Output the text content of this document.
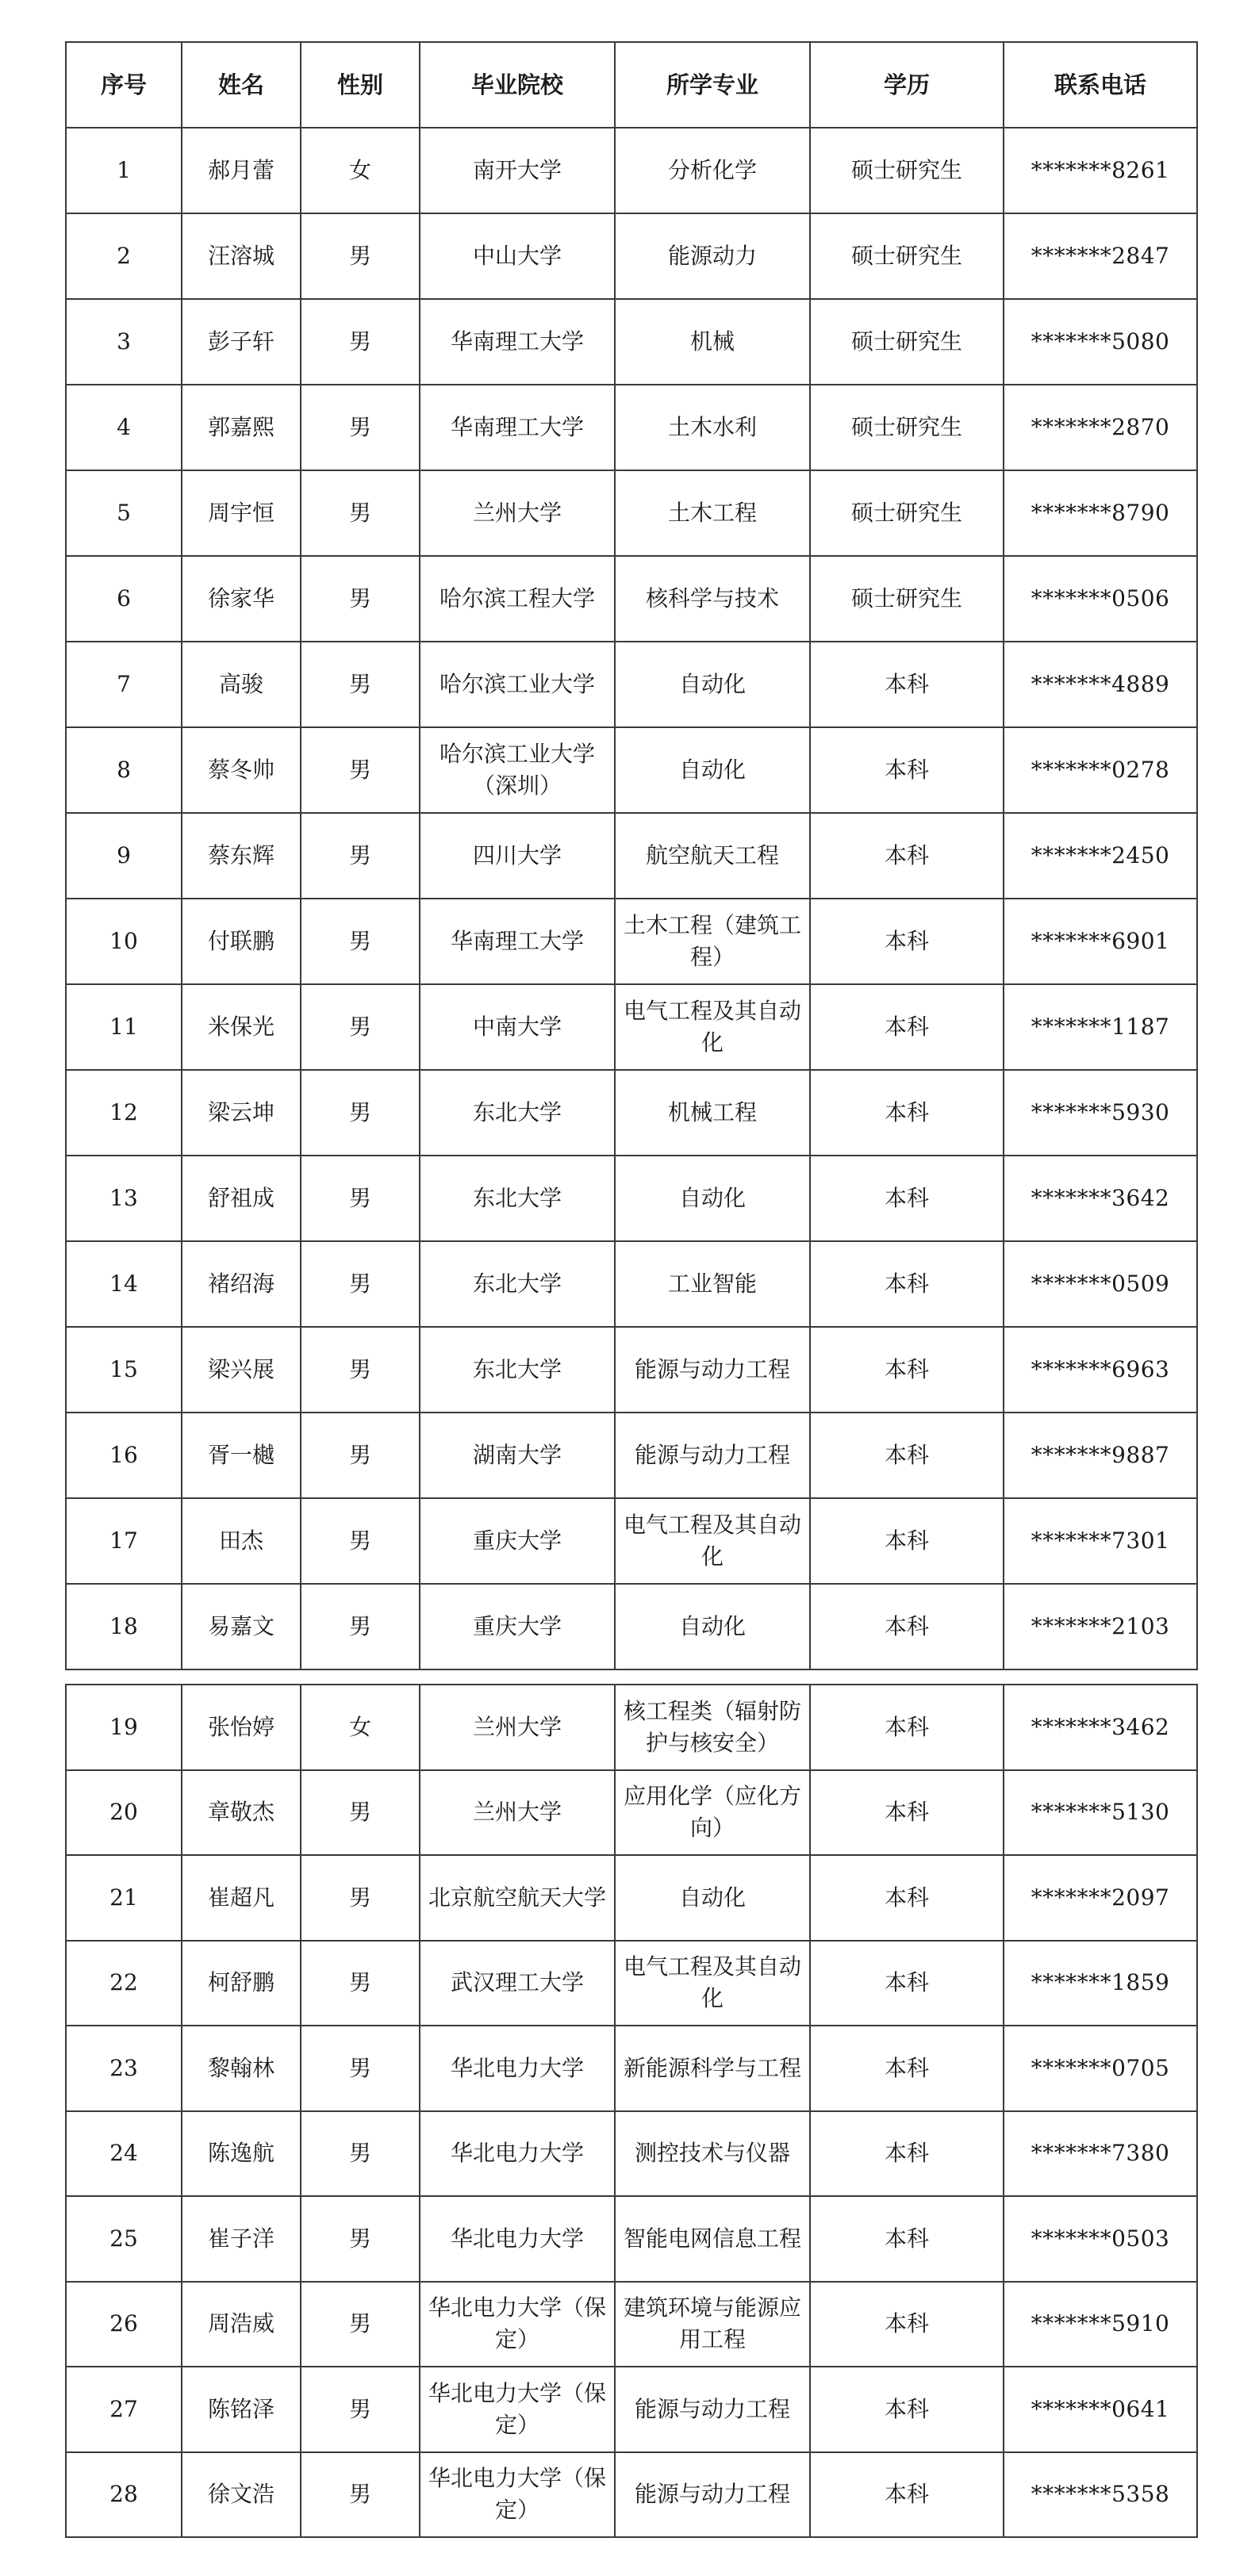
序号	姓名	性别	毕业院校	所学专业	学历	联系电话
1	郝月蕾	女	南开大学	分析化学	硕士研究生	*******8261
2	汪溶城	男	中山大学	能源动力	硕士研究生	*******2847
3	彭子轩	男	华南理工大学	机械	硕士研究生	*******5080
4	郭嘉熙	男	华南理工大学	土木水利	硕士研究生	*******2870
5	周宇恒	男	兰州大学	土木工程	硕士研究生	*******8790
6	徐家华	男	哈尔滨工程大学	核科学与技术	硕士研究生	*******0506
7	高骏	男	哈尔滨工业大学	自动化	本科	*******4889
8	蔡冬帅	男	哈尔滨工业大学（深圳）	自动化	本科	*******0278
9	蔡东辉	男	四川大学	航空航天工程	本科	*******2450
10	付联鹏	男	华南理工大学	土木工程（建筑工程）	本科	*******6901
11	米保光	男	中南大学	电气工程及其自动化	本科	*******1187
12	梁云坤	男	东北大学	机械工程	本科	*******5930
13	舒祖成	男	东北大学	自动化	本科	*******3642
14	褚绍海	男	东北大学	工业智能	本科	*******0509
15	梁兴展	男	东北大学	能源与动力工程	本科	*******6963
16	胥一樾	男	湖南大学	能源与动力工程	本科	*******9887
17	田杰	男	重庆大学	电气工程及其自动化	本科	*******7301
18	易嘉文	男	重庆大学	自动化	本科	*******2103
19	张怡婷	女	兰州大学	核工程类（辐射防护与核安全）	本科	*******3462
20	章敬杰	男	兰州大学	应用化学（应化方向）	本科	*******5130
21	崔超凡	男	北京航空航天大学	自动化	本科	*******2097
22	柯舒鹏	男	武汉理工大学	电气工程及其自动化	本科	*******1859
23	黎翰林	男	华北电力大学	新能源科学与工程	本科	*******0705
24	陈逸航	男	华北电力大学	测控技术与仪器	本科	*******7380
25	崔子洋	男	华北电力大学	智能电网信息工程	本科	*******0503
26	周浩威	男	华北电力大学（保定）	建筑环境与能源应用工程	本科	*******5910
27	陈铭泽	男	华北电力大学（保定）	能源与动力工程	本科	*******0641
28	徐文浩	男	华北电力大学（保定）	能源与动力工程	本科	*******5358
